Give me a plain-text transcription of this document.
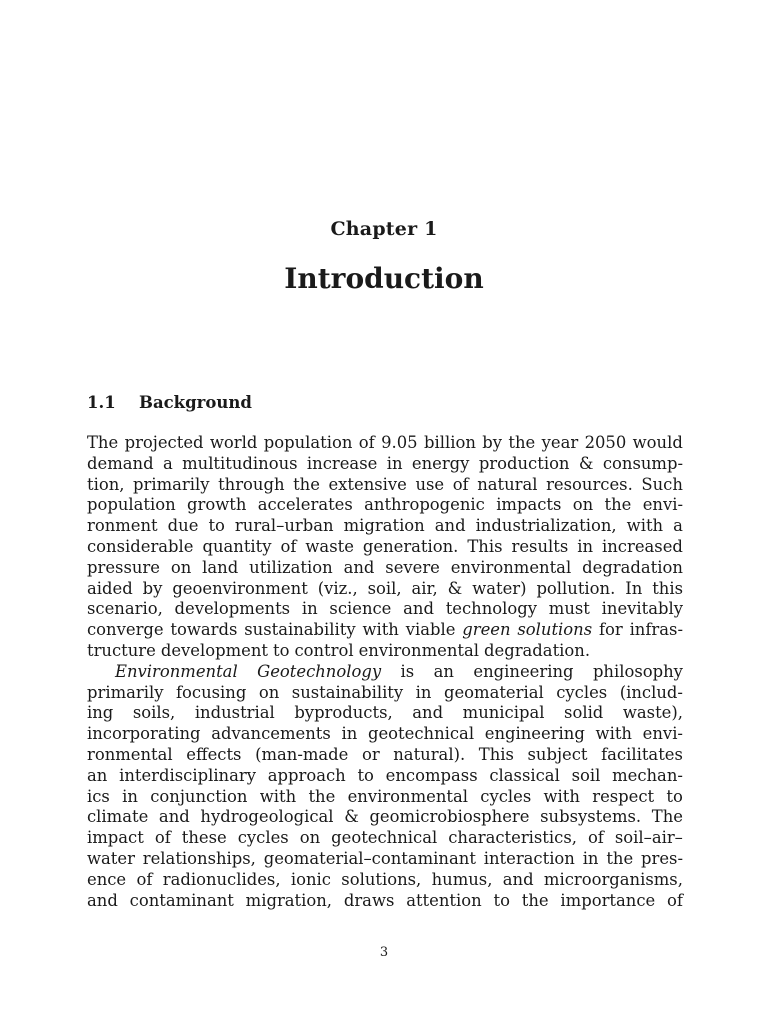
Chapter 1
Introduction
1.1 Background
The projected world population of 9.05 billion by the year 2050 would
demand a multitudinous increase in energy production & consump-
tion, primarily through the extensive use of natural resources. Such
population growth accelerates anthropogenic impacts on the envi-
ronment due to rural–urban migration and industrialization, with a
considerable quantity of waste generation. This results in increased
pressure on land utilization and severe environmental degradation
aided by geoenvironment (viz., soil, air, & water) pollution. In this
scenario, developments in science and technology must inevitably
converge towards sustainability with viable green solutions for infras-
tructure development to control environmental degradation.
Environmental Geotechnology is an engineering philosophy
primarily focusing on sustainability in geomaterial cycles (includ-
ing soils, industrial byproducts, and municipal solid waste),
incorporating advancements in geotechnical engineering with envi-
ronmental effects (man-made or natural). This subject facilitates
an interdisciplinary approach to encompass classical soil mechan-
ics in conjunction with the environmental cycles with respect to
climate and hydrogeological & geomicrobiosphere subsystems. The
impact of these cycles on geotechnical characteristics, of soil–air–
water relationships, geomaterial–contaminant interaction in the pres-
ence of radionuclides, ionic solutions, humus, and microorganisms,
and contaminant migration, draws attention to the importance of
3
